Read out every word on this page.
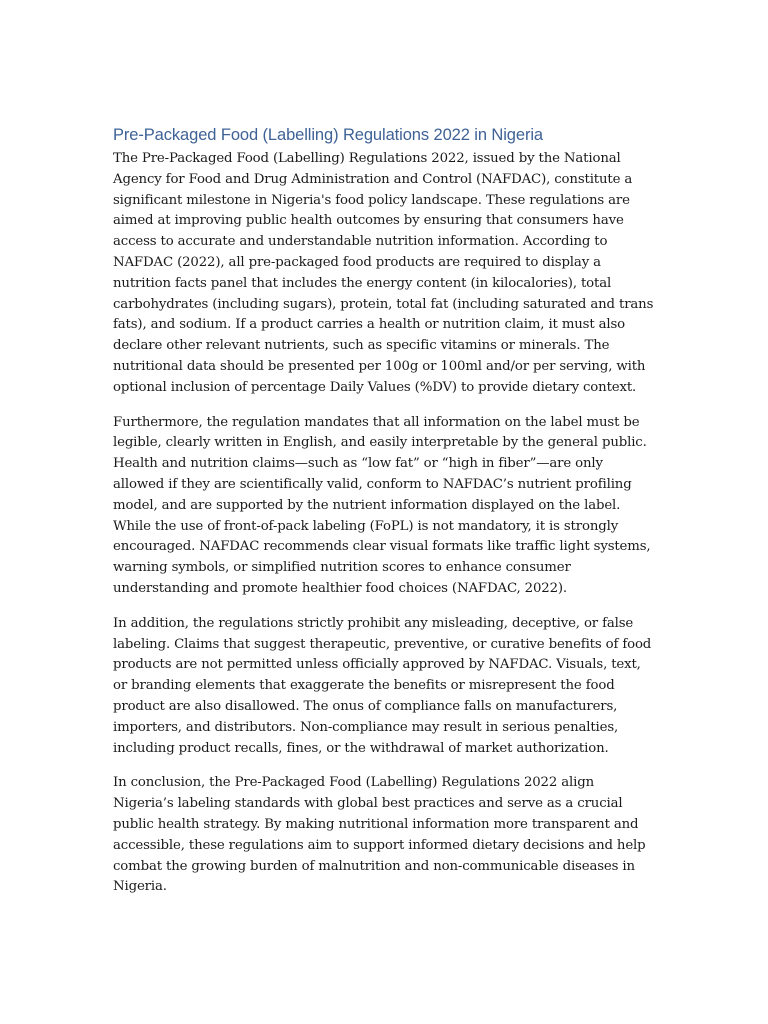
Pre-Packaged Food (Labelling) Regulations 2022 in Nigeria

The Pre-Packaged Food (Labelling) Regulations 2022, issued by the National Agency for Food and Drug Administration and Control (NAFDAC), constitute a significant milestone in Nigeria's food policy landscape. These regulations are aimed at improving public health outcomes by ensuring that consumers have access to accurate and understandable nutrition information. According to NAFDAC (2022), all pre-packaged food products are required to display a nutrition facts panel that includes the energy content (in kilocalories), total carbohydrates (including sugars), protein, total fat (including saturated and trans fats), and sodium. If a product carries a health or nutrition claim, it must also declare other relevant nutrients, such as specific vitamins or minerals. The nutritional data should be presented per 100g or 100ml and/or per serving, with optional inclusion of percentage Daily Values (%DV) to provide dietary context.

Furthermore, the regulation mandates that all information on the label must be legible, clearly written in English, and easily interpretable by the general public. Health and nutrition claims—such as “low fat” or “high in fiber”—are only allowed if they are scientifically valid, conform to NAFDAC’s nutrient profiling model, and are supported by the nutrient information displayed on the label. While the use of front-of-pack labeling (FoPL) is not mandatory, it is strongly encouraged. NAFDAC recommends clear visual formats like traffic light systems, warning symbols, or simplified nutrition scores to enhance consumer understanding and promote healthier food choices (NAFDAC, 2022).

In addition, the regulations strictly prohibit any misleading, deceptive, or false labeling. Claims that suggest therapeutic, preventive, or curative benefits of food products are not permitted unless officially approved by NAFDAC. Visuals, text, or branding elements that exaggerate the benefits or misrepresent the food product are also disallowed. The onus of compliance falls on manufacturers, importers, and distributors. Non-compliance may result in serious penalties, including product recalls, fines, or the withdrawal of market authorization.

In conclusion, the Pre-Packaged Food (Labelling) Regulations 2022 align Nigeria’s labeling standards with global best practices and serve as a crucial public health strategy. By making nutritional information more transparent and accessible, these regulations aim to support informed dietary decisions and help combat the growing burden of malnutrition and non-communicable diseases in Nigeria.
